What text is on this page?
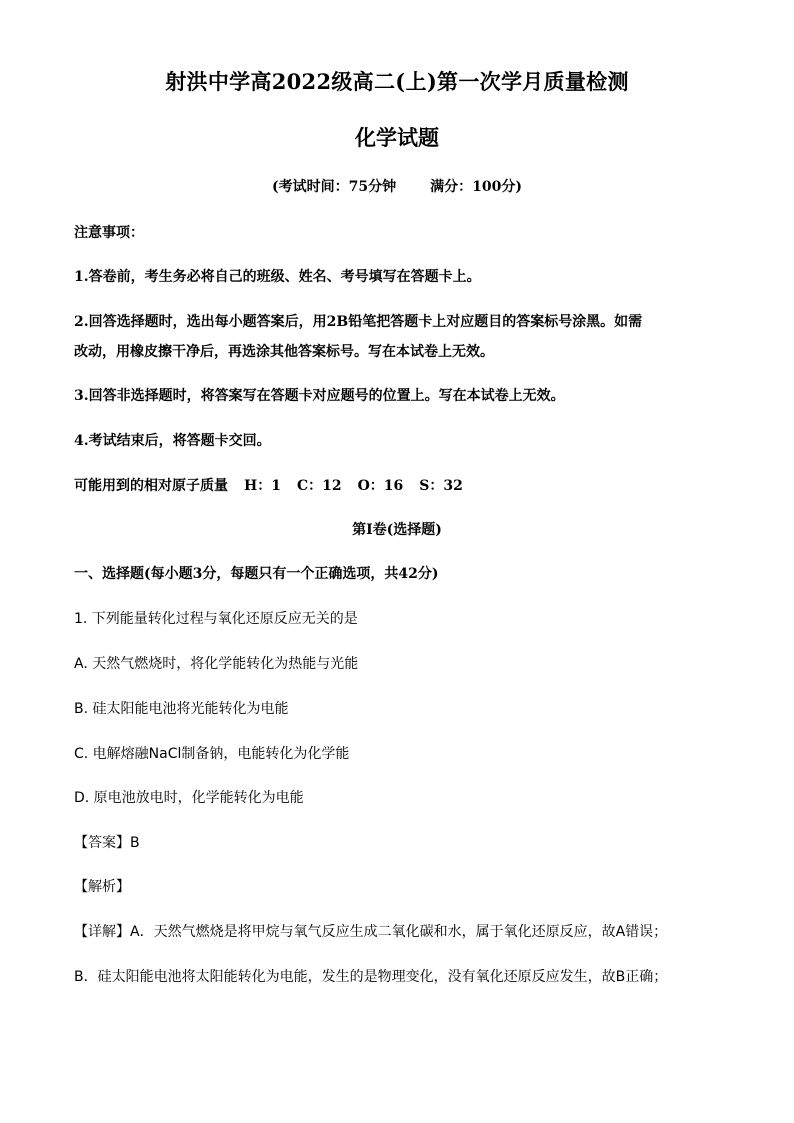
射洪中学高2022级高二(上)第一次学月质量检测
化学试题
(考试时间：75分钟 满分：100分)
注意事项：
1.答卷前，考生务必将自己的班级、姓名、考号填写在答题卡上。
2.回答选择题时，选出每小题答案后，用2B铅笔把答题卡上对应题目的答案标号涂黑。如需
改动，用橡皮擦干净后，再选涂其他答案标号。写在本试卷上无效。
3.回答非选择题时，将答案写在答题卡对应题号的位置上。写在本试卷上无效。
4.考试结束后，将答题卡交回。
可能用到的相对原子质量 H：1 C：12 O：16 S：32
第Ⅰ卷(选择题)
一、选择题(每小题3分，每题只有一个正确选项，共42分)
1. 下列能量转化过程与氧化还原反应无关的是
A. 天然气燃烧时，将化学能转化为热能与光能
B. 硅太阳能电池将光能转化为电能
C. 电解熔融NaCl制备钠，电能转化为化学能
D. 原电池放电时，化学能转化为电能
【答案】B
【解析】
【详解】A．天然气燃烧是将甲烷与氧气反应生成二氧化碳和水，属于氧化还原反应，故A错误；
B．硅太阳能电池将太阳能转化为电能，发生的是物理变化，没有氧化还原反应发生，故B正确；
